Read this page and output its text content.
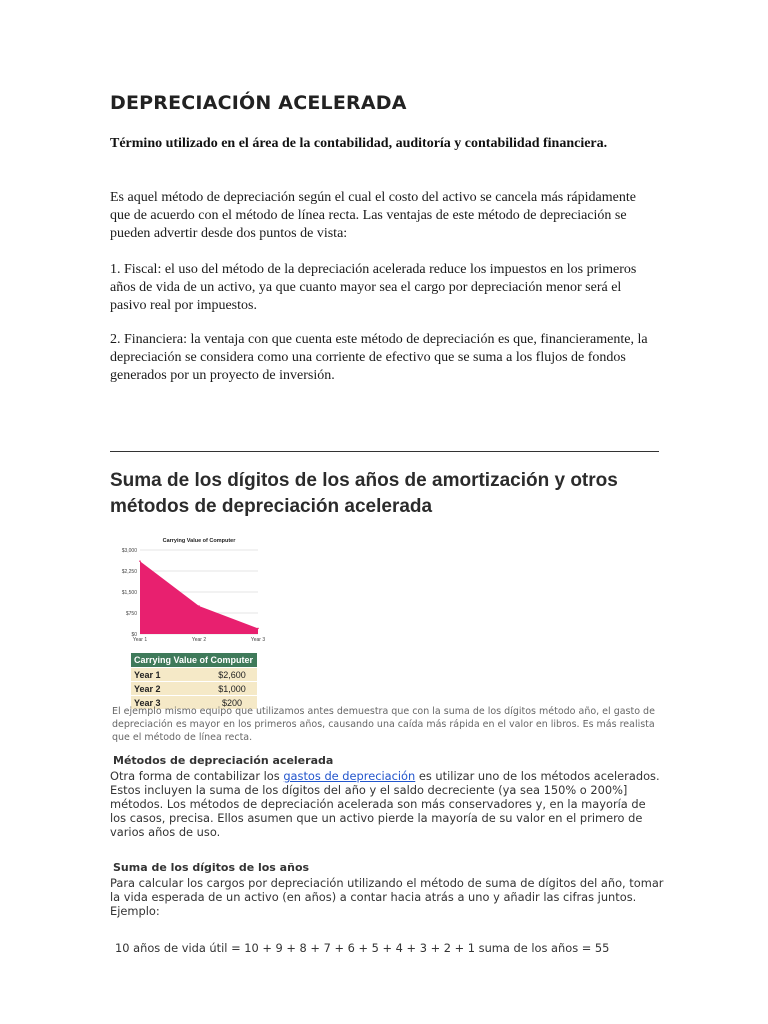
DEPRECIACIÓN ACELERADA
Término utilizado en el área de la contabilidad, auditoría y contabilidad financiera.
Es aquel método de depreciación según el cual el costo del activo se cancela más rápidamente que de acuerdo con el método de línea recta. Las ventajas de este método de depreciación se pueden advertir desde dos puntos de vista:
1. Fiscal: el uso del método de la depreciación acelerada reduce los impuestos en los primeros años de vida de un activo, ya que cuanto mayor sea el cargo por depreciación menor será el pasivo real por impuestos.
2. Financiera: la ventaja con que cuenta este método de depreciación es que, financieramente, la depreciación se considera como una corriente de efectivo que se suma a los flujos de fondos generados por un proyecto de inversión.
Suma de los dígitos de los años de amortización y otros métodos de depreciación acelerada
Carrying Value of Computer
$3,000
$2,250
$1,500
$750
$0
Year 1	Year 2	Year 3
Carrying Value of Computer	
Year 1	$2,600
Year 2	$1,000
Year 3	$200
El ejemplo mismo equipo que utilizamos antes demuestra que con la suma de los dígitos método año, el gasto de depreciación es mayor en los primeros años, causando una caída más rápida en el valor en libros. Es más realista que el método de línea recta.
Métodos de depreciación acelerada
Otra forma de contabilizar los gastos de depreciación es utilizar uno de los métodos acelerados. Estos incluyen la suma de los dígitos del año y el saldo decreciente (ya sea 150% o 200%] métodos. Los métodos de depreciación acelerada son más conservadores y, en la mayoría de los casos, precisa. Ellos asumen que un activo pierde la mayoría de su valor en el primero de varios años de uso.
Suma de los dígitos de los años
Para calcular los cargos por depreciación utilizando el método de suma de dígitos del año, tomar la vida esperada de un activo (en años) a contar hacia atrás a uno y añadir las cifras juntos. Ejemplo:
10 años de vida útil = 10 + 9 + 8 + 7 + 6 + 5 + 4 + 3 + 2 + 1 suma de los años = 55
